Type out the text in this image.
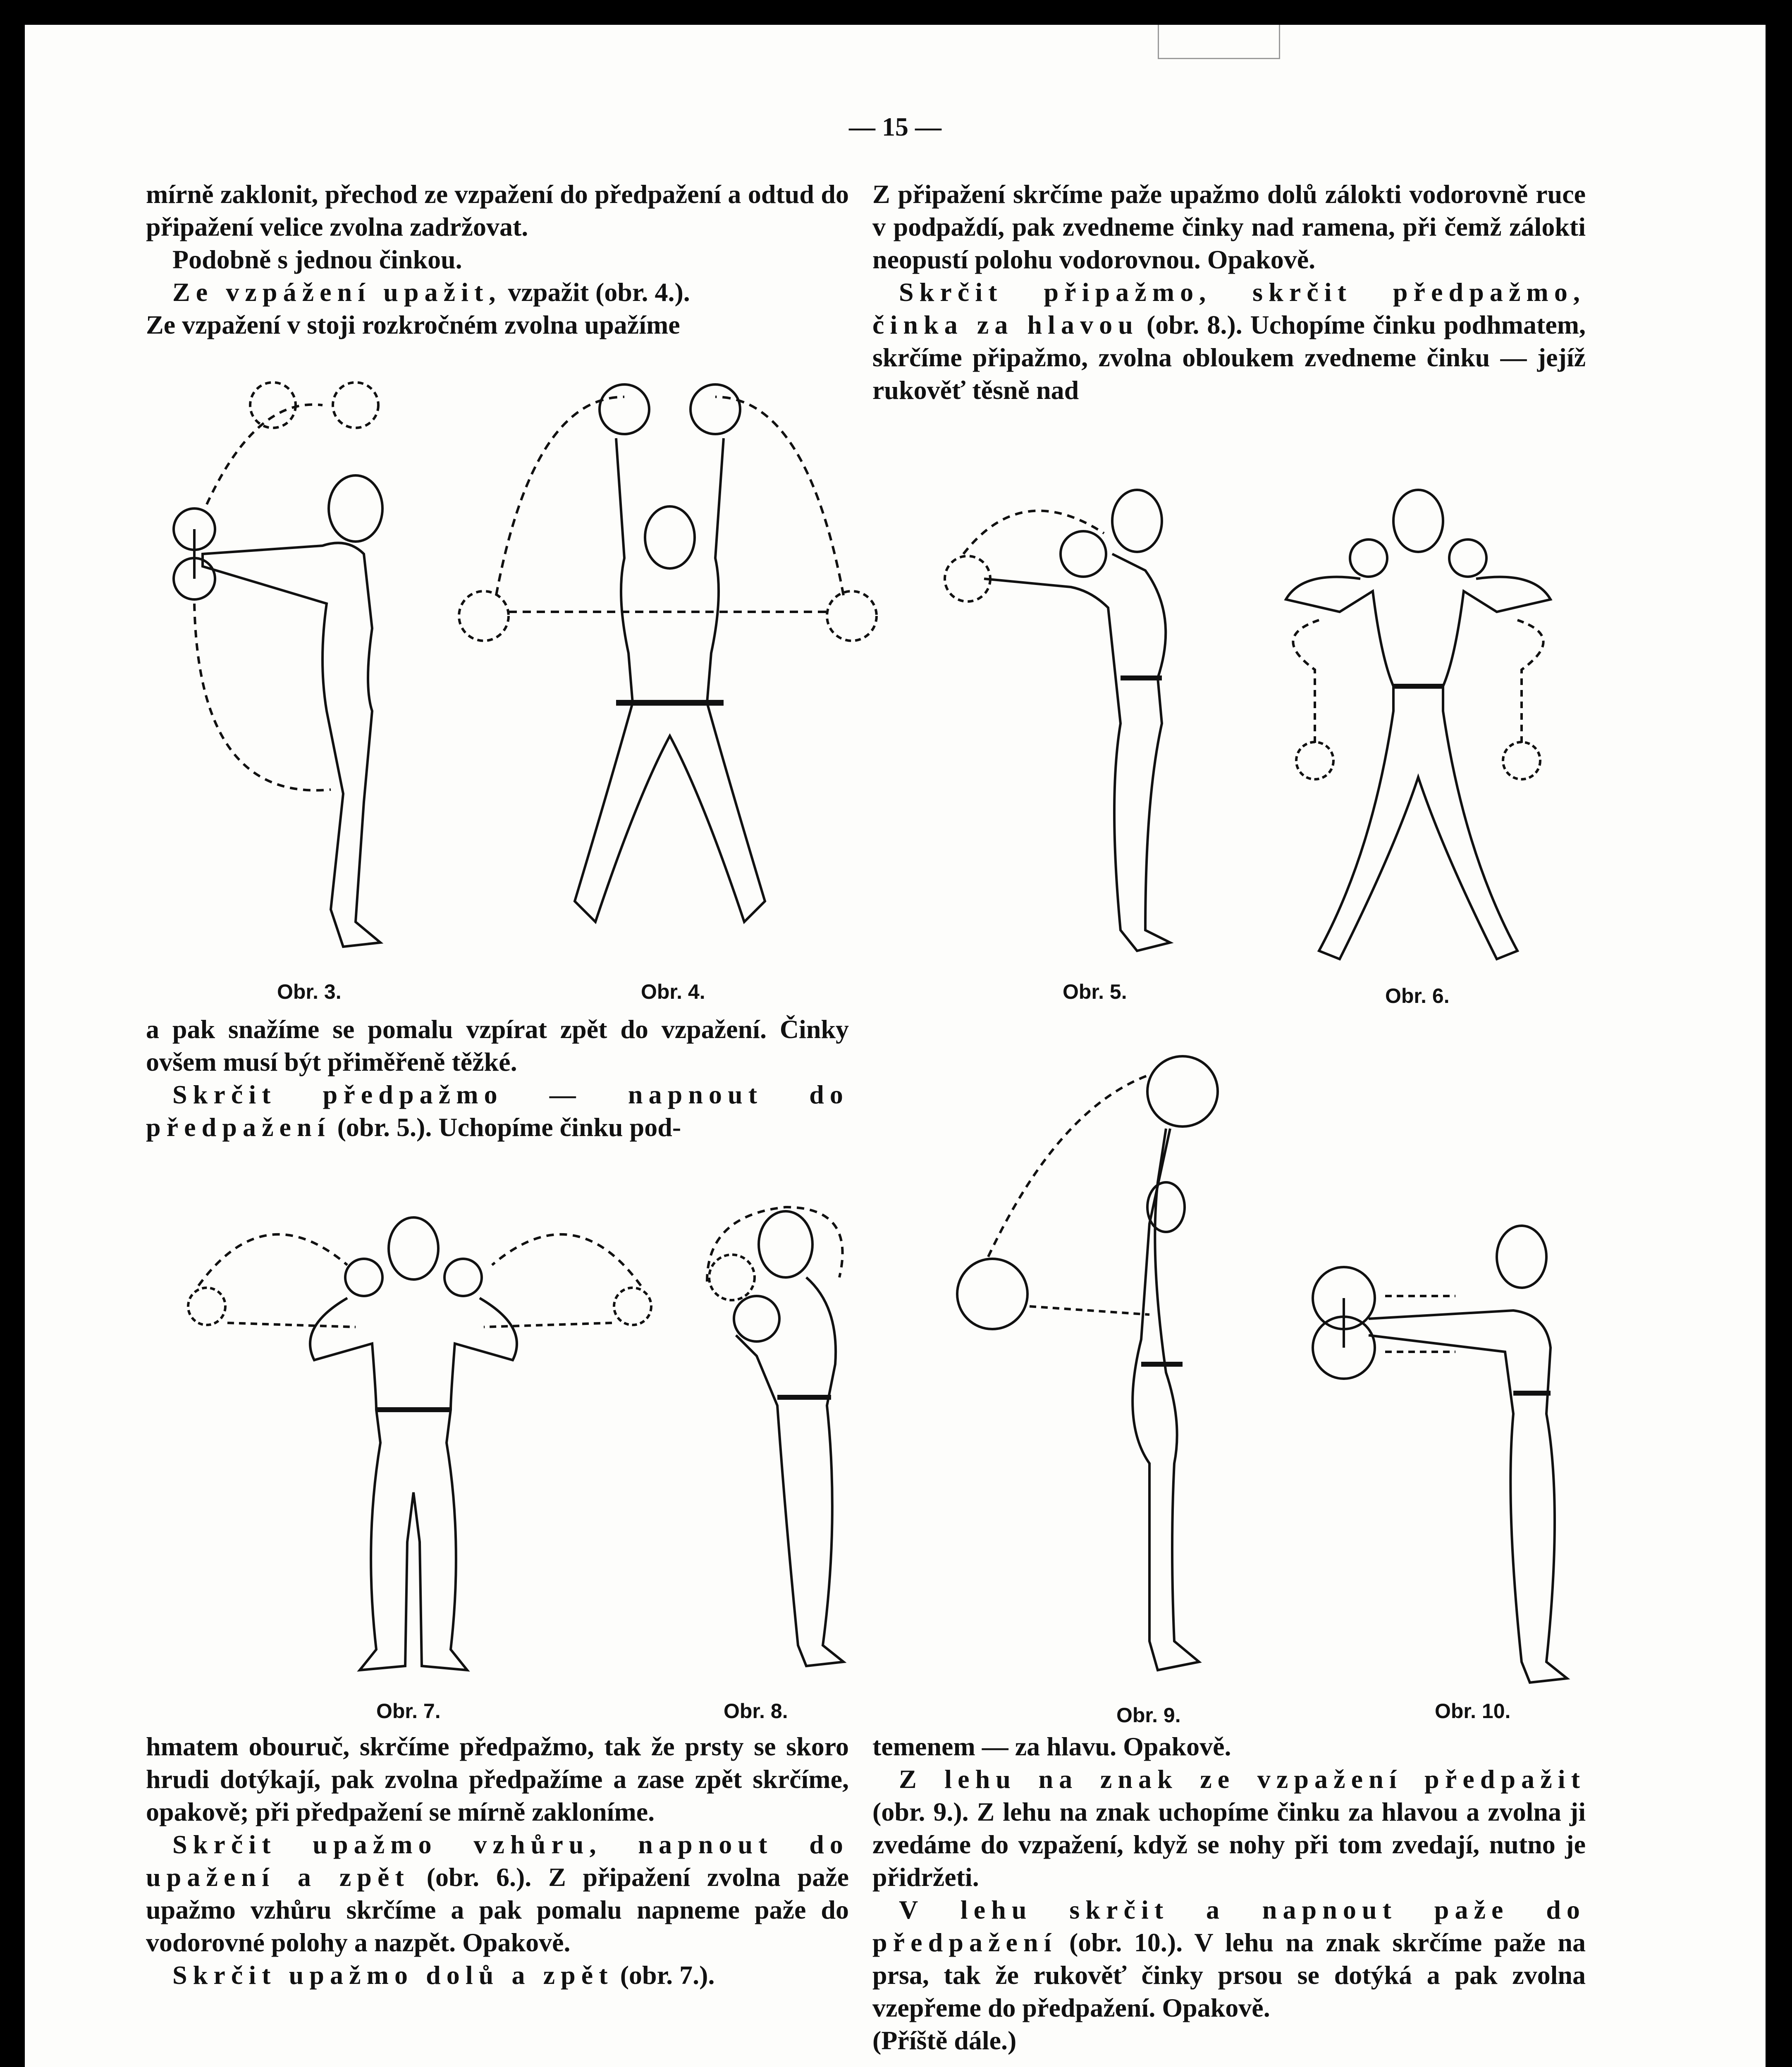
— 15 —

mírně zaklonit, přechod ze vzpažení do předpažení a odtud do připažení velice zvolna zadržovat.

Podobně s jednou činkou.

Ze vzpážení upažit, vzpažit (obr. 4.).

Ze vzpažení v stoji rozkročném zvolna upažíme

Z připažení skrčíme paže upažmo dolů zálokti vodorovně ruce v podpaždí, pak zvedneme činky nad ramena, při čemž zálokti neopustí polohu vodorovnou. Opakově.

Skrčit připažmo, skrčit předpažmo, činka za hlavou (obr. 8.). Uchopíme činku podhmatem, skrčíme připažmo, zvolna obloukem zvedneme činku — jejíž rukověť těsně nad

Obr. 3.	Obr. 4.	Obr. 5.	Obr. 6.

a pak snažíme se pomalu vzpírat zpět do vzpažení. Činky ovšem musí být přiměřeně těžké.

Skrčit předpažmo — napnout do předpažení (obr. 5.). Uchopíme činku pod-

Obr. 7.	Obr. 8.	Obr. 9.	Obr. 10.

hmatem obouruč, skrčíme předpažmo, tak že prsty se skoro hrudi dotýkají, pak zvolna předpažíme a zase zpět skrčíme, opakově; při předpažení se mírně zakloníme.

Skrčit upažmo vzhůru, napnout do upažení a zpět (obr. 6.). Z připažení zvolna paže upažmo vzhůru skrčíme a pak pomalu napneme paže do vodorovné polohy a nazpět. Opakově.

Skrčit upažmo dolů a zpět (obr. 7.).

temenem — za hlavu. Opakově.

Z lehu na znak ze vzpažení předpažit (obr. 9.). Z lehu na znak uchopíme činku za hlavou a zvolna ji zvedáme do vzpažení, když se nohy při tom zvedají, nutno je přidržeti.

V lehu skrčit a napnout paže do předpažení (obr. 10.). V lehu na znak skrčíme paže na prsa, tak že rukověť činky prsou se dotýká a pak zvolna vzepřeme do předpažení. Opakově.

(Příště dále.)
